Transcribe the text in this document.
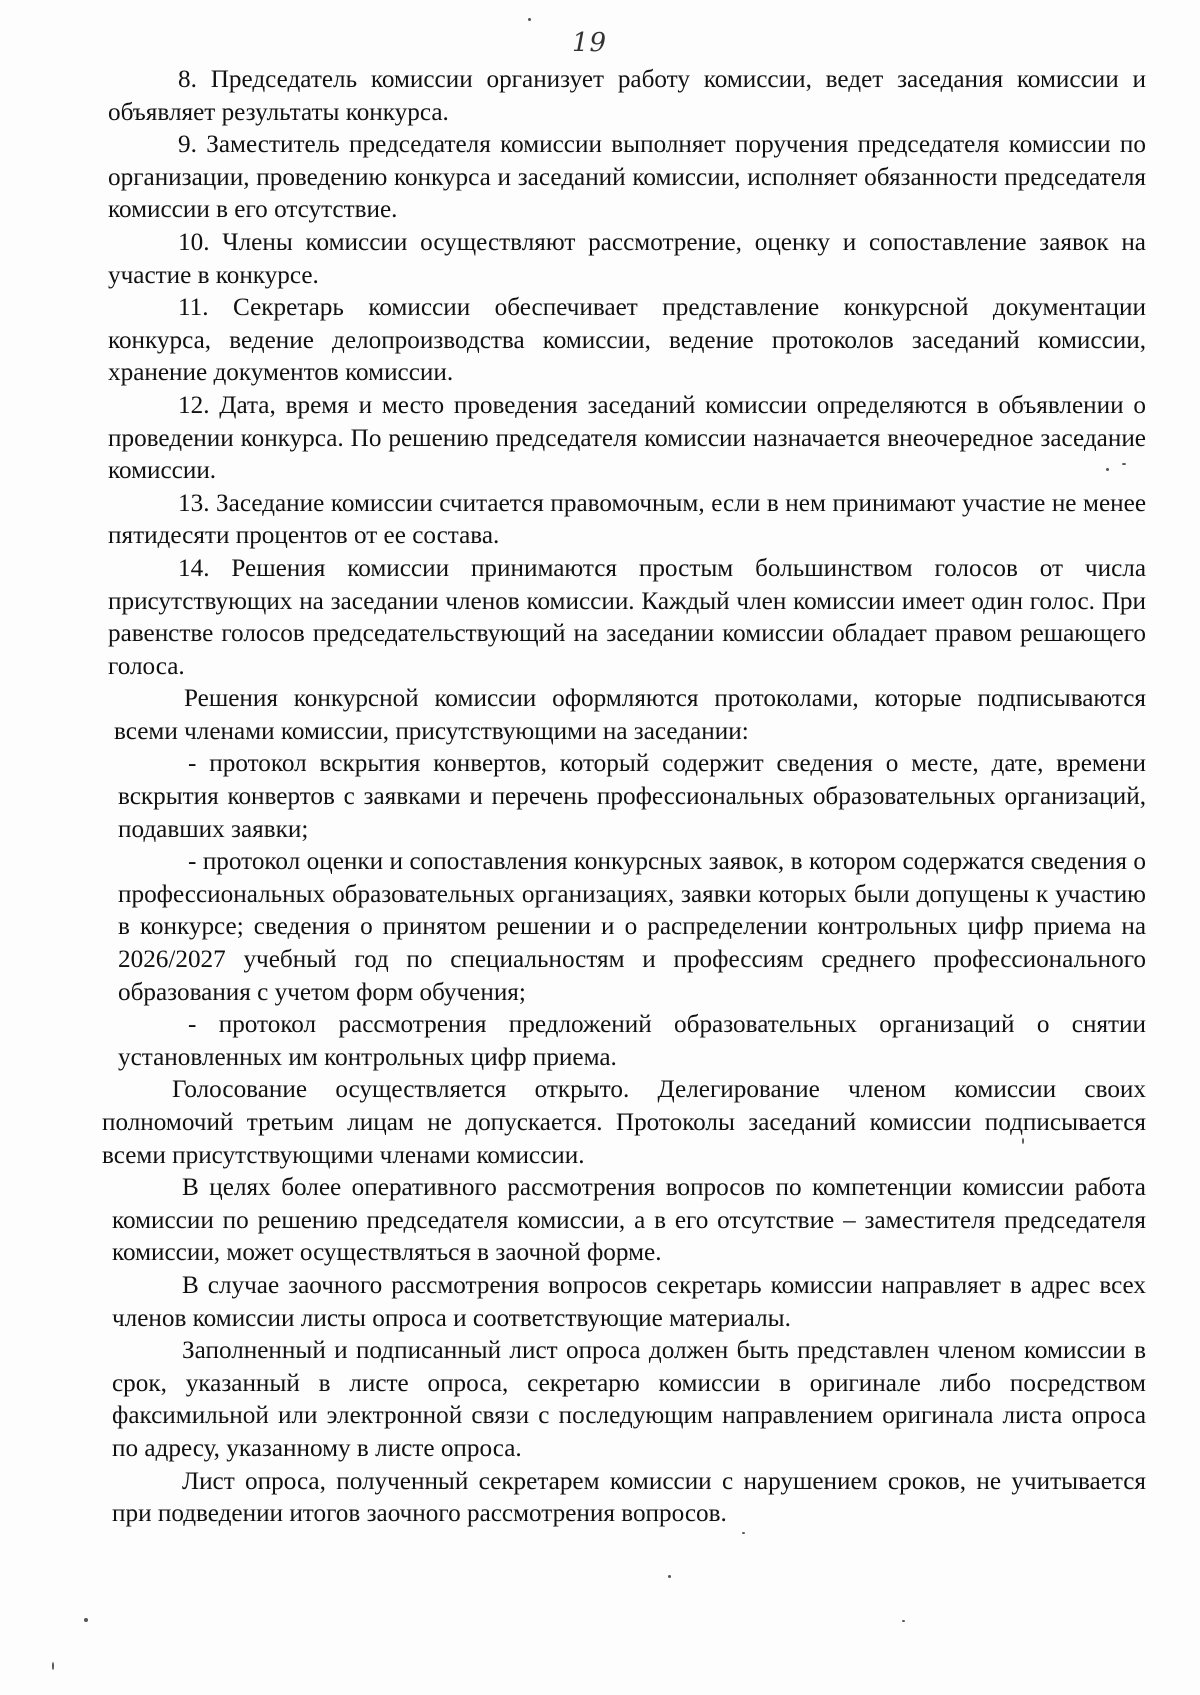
19

8. Председатель комиссии организует работу комиссии, ведет заседания комиссии и объявляет результаты конкурса.

9. Заместитель председателя комиссии выполняет поручения председателя комиссии по организации, проведению конкурса и заседаний комиссии, исполняет обязанности председателя комиссии в его отсутствие.

10. Члены комиссии осуществляют рассмотрение, оценку и сопоставление заявок на участие в конкурсе.

11. Секретарь комиссии обеспечивает представление конкурсной документации конкурса, ведение делопроизводства комиссии, ведение протоколов заседаний комиссии, хранение документов комиссии.

12. Дата, время и место проведения заседаний комиссии определяются в объявлении о проведении конкурса. По решению председателя комиссии назначается внеочередное заседание комиссии.

13. Заседание комиссии считается правомочным, если в нем принимают участие не менее пятидесяти процентов от ее состава.

14. Решения комиссии принимаются простым большинством голосов от числа присутствующих на заседании членов комиссии. Каждый член комиссии имеет один голос. При равенстве голосов председательствующий на заседании комиссии обладает правом решающего голоса.

Решения конкурсной комиссии оформляются протоколами, которые подписываются всеми членами комиссии, присутствующими на заседании:

- протокол вскрытия конвертов, который содержит сведения о месте, дате, времени вскрытия конвертов с заявками и перечень профессиональных образовательных организаций, подавших заявки;

- протокол оценки и сопоставления конкурсных заявок, в котором содержатся сведения о профессиональных образовательных организациях, заявки которых были допущены к участию в конкурсе; сведения о принятом решении и о распределении контрольных цифр приема на 2026/2027 учебный год по специальностям и профессиям среднего профессионального образования с учетом форм обучения;

- протокол рассмотрения предложений образовательных организаций о снятии установленных им контрольных цифр приема.

Голосование осуществляется открыто. Делегирование членом комиссии своих полномочий третьим лицам не допускается. Протоколы заседаний комиссии подписывается всеми присутствующими членами комиссии.

В целях более оперативного рассмотрения вопросов по компетенции комиссии работа комиссии по решению председателя комиссии, а в его отсутствие – заместителя председателя комиссии, может осуществляться в заочной форме.

В случае заочного рассмотрения вопросов секретарь комиссии направляет в адрес всех членов комиссии листы опроса и соответствующие материалы.

Заполненный и подписанный лист опроса должен быть представлен членом комиссии в срок, указанный в листе опроса, секретарю комиссии в оригинале либо посредством факсимильной или электронной связи с последующим направлением оригинала листа опроса по адресу, указанному в листе опроса.

Лист опроса, полученный секретарем комиссии с нарушением сроков, не учитывается при подведении итогов заочного рассмотрения вопросов.
